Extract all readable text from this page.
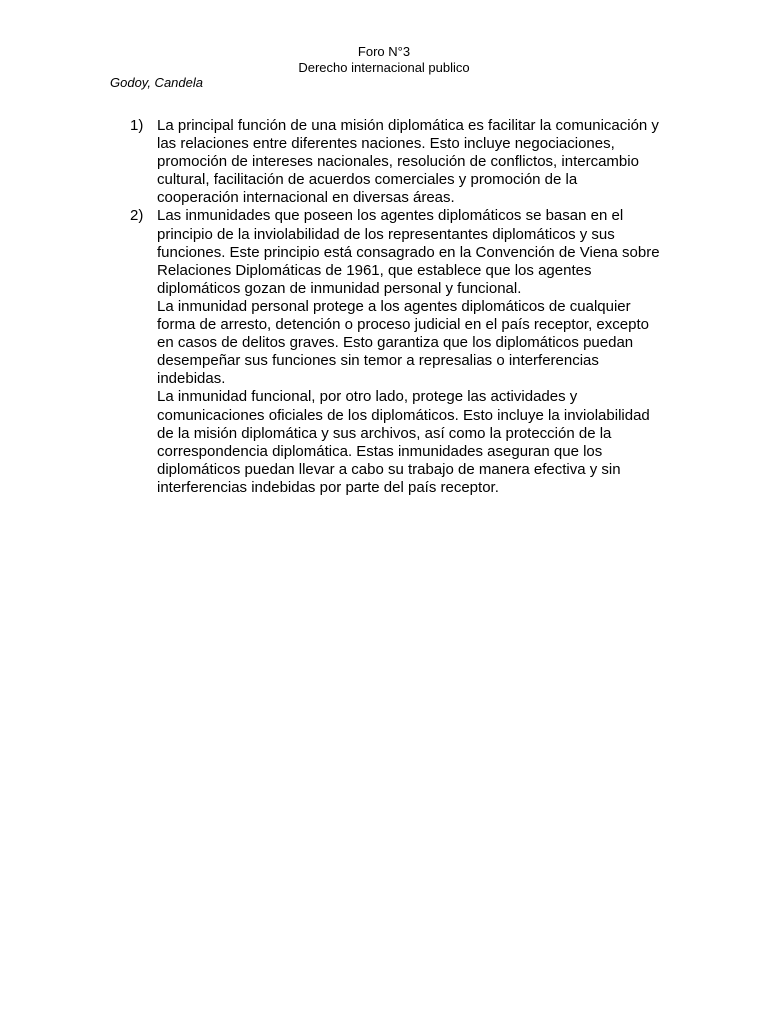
Foro N°3

Derecho internacional publico

Godoy, Candela

1) La principal función de una misión diplomática es facilitar la comunicación y las relaciones entre diferentes naciones. Esto incluye negociaciones, promoción de intereses nacionales, resolución de conflictos, intercambio cultural, facilitación de acuerdos comerciales y promoción de la cooperación internacional en diversas áreas.

2) Las inmunidades que poseen los agentes diplomáticos se basan en el principio de la inviolabilidad de los representantes diplomáticos y sus funciones. Este principio está consagrado en la Convención de Viena sobre Relaciones Diplomáticas de 1961, que establece que los agentes diplomáticos gozan de inmunidad personal y funcional.

La inmunidad personal protege a los agentes diplomáticos de cualquier forma de arresto, detención o proceso judicial en el país receptor, excepto en casos de delitos graves. Esto garantiza que los diplomáticos puedan desempeñar sus funciones sin temor a represalias o interferencias indebidas.

La inmunidad funcional, por otro lado, protege las actividades y comunicaciones oficiales de los diplomáticos. Esto incluye la inviolabilidad de la misión diplomática y sus archivos, así como la protección de la correspondencia diplomática. Estas inmunidades aseguran que los diplomáticos puedan llevar a cabo su trabajo de manera efectiva y sin interferencias indebidas por parte del país receptor.
